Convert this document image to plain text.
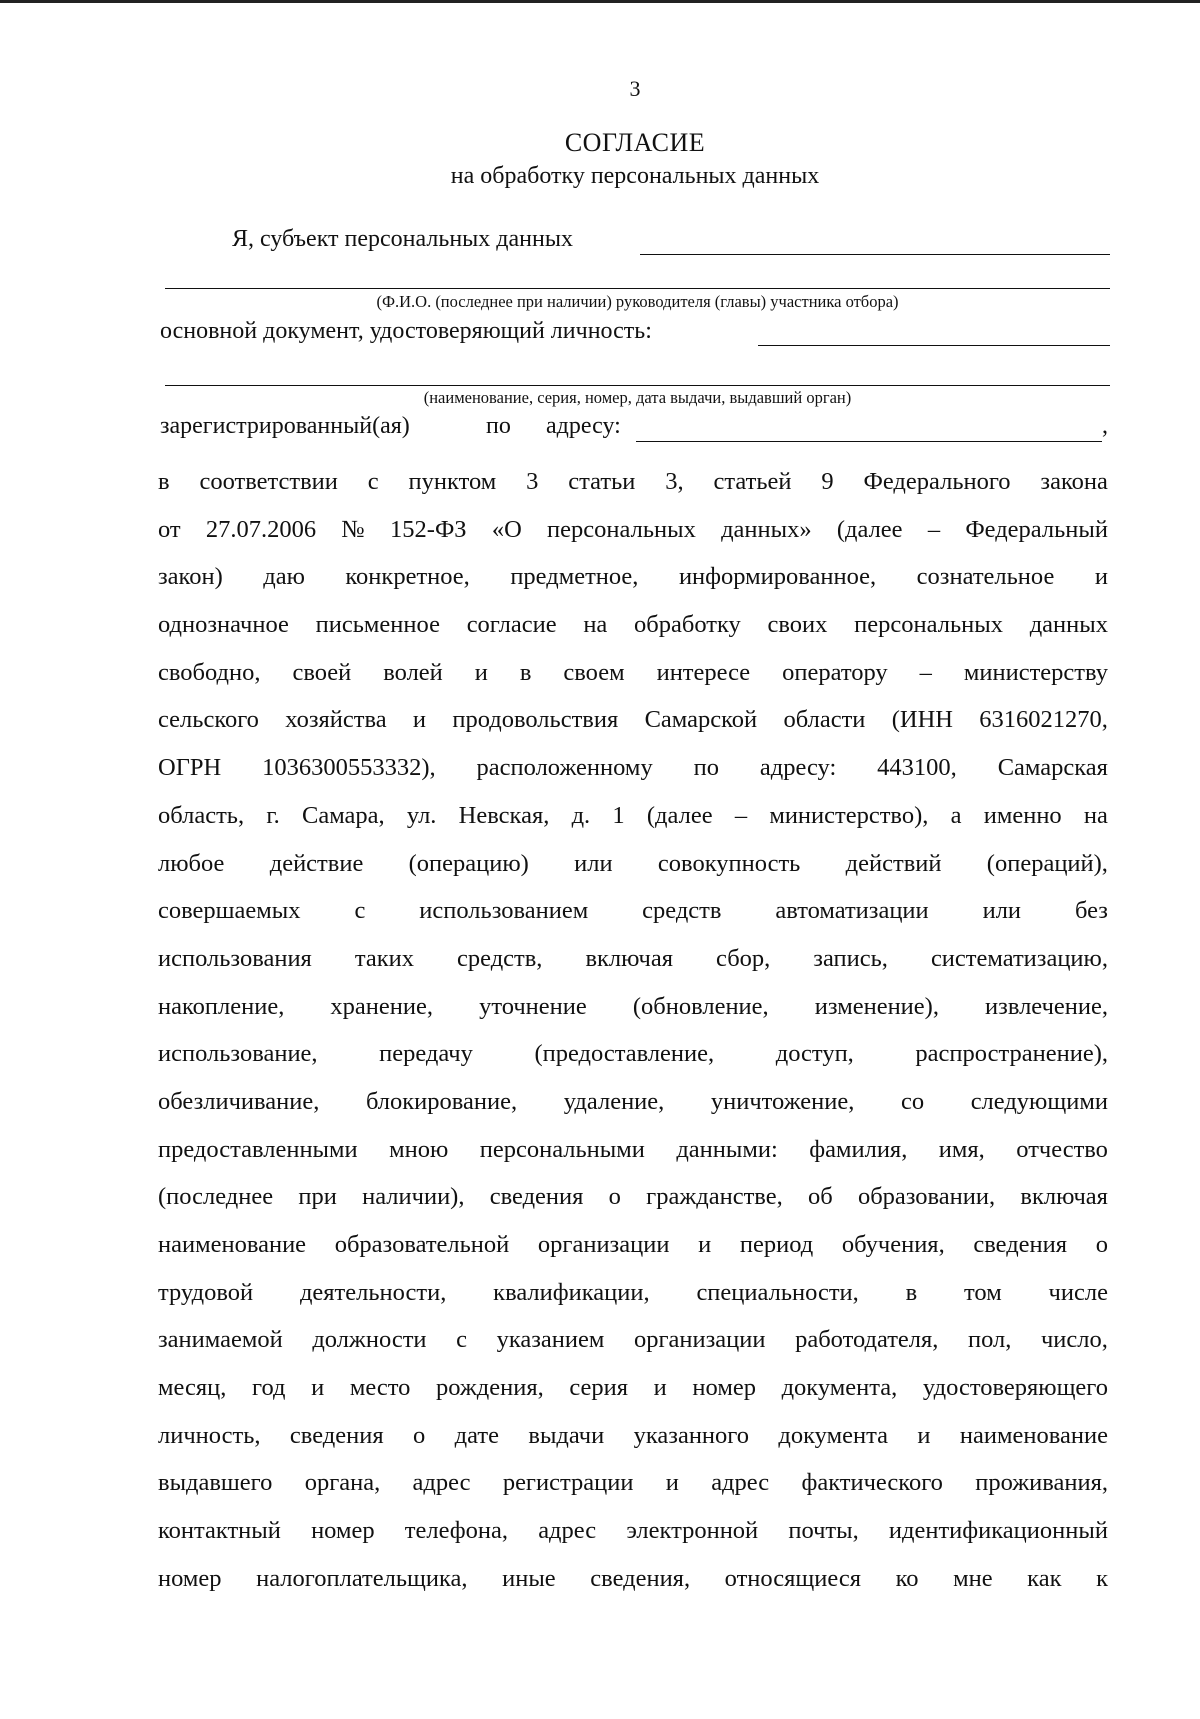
3
СОГЛАСИЕ
на обработку персональных данных
Я, субъект персональных данных
(Ф.И.О. (последнее при наличии) руководителя (главы) участника отбора)
основной документ, удостоверяющий личность:
(наименование, серия, номер, дата выдачи, выдавший орган)
зарегистрированный(ая)	по адресу:	,
в соответствии с пунктом 3 статьи 3, статьей 9 Федерального закона
от 27.07.2006 № 152-ФЗ «О персональных данных» (далее – Федеральный
закон) даю конкретное, предметное, информированное, сознательное и
однозначное письменное согласие на обработку своих персональных данных
свободно, своей волей и в своем интересе оператору – министерству
сельского хозяйства и продовольствия Самарской области (ИНН 6316021270,
ОГРН 1036300553332), расположенному по адресу: 443100, Самарская
область, г. Самара, ул. Невская, д. 1 (далее – министерство), а именно на
любое действие (операцию) или совокупность действий (операций),
совершаемых с использованием средств автоматизации или без
использования таких средств, включая сбор, запись, систематизацию,
накопление, хранение, уточнение (обновление, изменение), извлечение,
использование,	передачу	(предоставление,	доступ,	распространение),
обезличивание, блокирование, удаление, уничтожение, со следующими
предоставленными мною персональными данными: фамилия, имя, отчество
(последнее при наличии), сведения о гражданстве, об образовании, включая
наименование образовательной организации и период обучения, сведения о
трудовой деятельности, квалификации, специальности, в том числе
занимаемой должности с указанием организации работодателя, пол, число,
месяц, год и место рождения, серия и номер документа, удостоверяющего
личность, сведения о дате выдачи указанного документа и наименование
выдавшего органа, адрес регистрации и адрес фактического проживания,
контактный номер телефона, адрес электронной почты, идентификационный
номер налогоплательщика, иные сведения, относящиеся ко мне как к
